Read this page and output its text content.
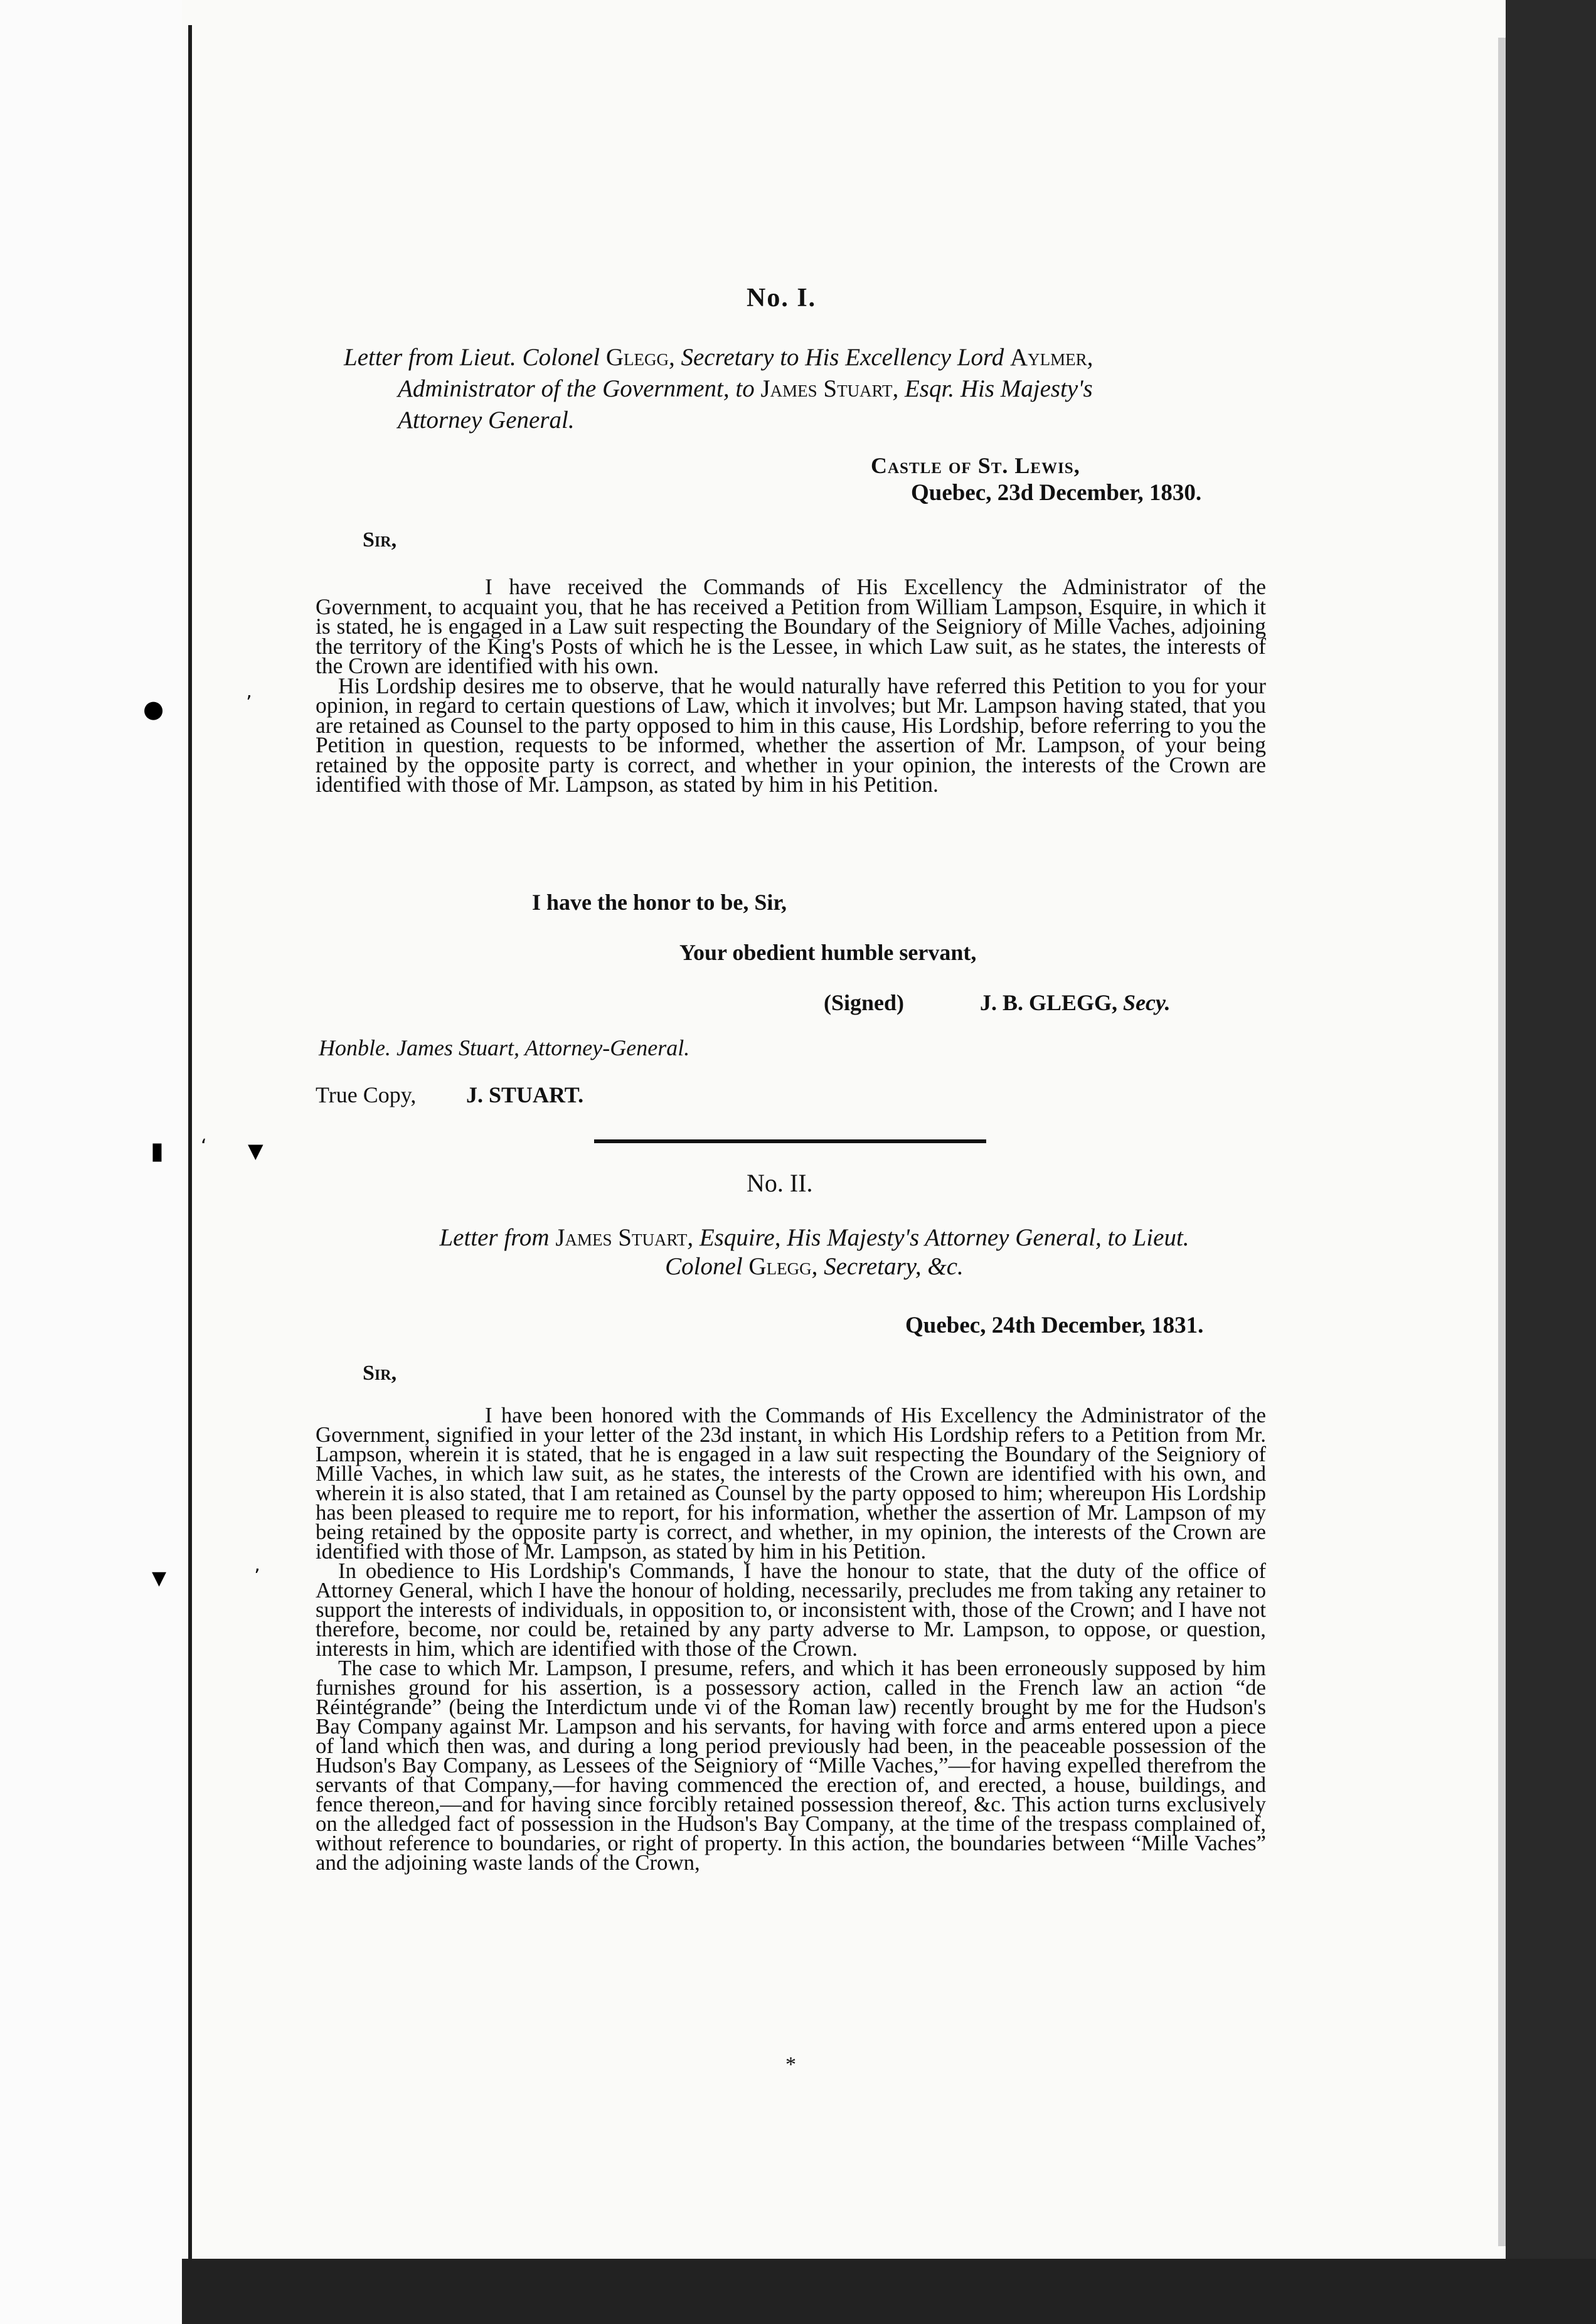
●	’
▮ ‘ ▼
▼	’
No. I.
Letter from Lieut. Colonel Glegg, Secretary to His Excellency Lord Aylmer,
Administrator of the Government, to James Stuart, Esqr. His Majesty's
Attorney General.
Castle of St. Lewis,
Quebec, 23d December, 1830.
Sir,

I have received the Commands of His Excellency the Administrator of the Government, to acquaint you, that he has received a Petition from William Lampson, Esquire, in which it is stated, he is engaged in a Law suit respecting the Boundary of the Seigniory of Mille Vaches, adjoining the territory of the King's Posts of which he is the Lessee, in which Law suit, as he states, the interests of the Crown are identified with his own.

His Lordship desires me to observe, that he would naturally have referred this Petition to you for your opinion, in regard to certain questions of Law, which it involves; but Mr. Lampson having stated, that you are retained as Counsel to the party opposed to him in this cause, His Lordship, before referring to you the Petition in question, requests to be informed, whether the assertion of Mr. Lampson, of your being retained by the opposite party is correct, and whether in your opinion, the interests of the Crown are identified with those of Mr. Lampson, as stated by him in his Petition.

I have the honor to be, Sir,
Your obedient humble servant,
(Signed)	J. B. GLEGG, Secy.
Honble. James Stuart, Attorney-General.
True Copy, J. STUART.
No. II.
Letter from James Stuart, Esquire, His Majesty's Attorney General, to Lieut.
Colonel Glegg, Secretary, &c.
Quebec, 24th December, 1831.
Sir,

I have been honored with the Commands of His Excellency the Administrator of the Government, signified in your letter of the 23d instant, in which His Lordship refers to a Petition from Mr. Lampson, wherein it is stated, that he is engaged in a law suit respecting the Boundary of the Seigniory of Mille Vaches, in which law suit, as he states, the interests of the Crown are identified with his own, and wherein it is also stated, that I am retained as Counsel by the party opposed to him; whereupon His Lordship has been pleased to require me to report, for his information, whether the assertion of Mr. Lampson of my being retained by the opposite party is correct, and whether, in my opinion, the interests of the Crown are identified with those of Mr. Lampson, as stated by him in his Petition.

In obedience to His Lordship's Commands, I have the honour to state, that the duty of the office of Attorney General, which I have the honour of holding, necessarily, precludes me from taking any retainer to support the interests of individuals, in opposition to, or inconsistent with, those of the Crown; and I have not therefore, become, nor could be, retained by any party adverse to Mr. Lampson, to oppose, or question, interests in him, which are identified with those of the Crown.

The case to which Mr. Lampson, I presume, refers, and which it has been erroneously supposed by him furnishes ground for his assertion, is a possessory action, called in the French law an action “de Réintégrande” (being the Interdictum unde vi of the Roman law) recently brought by me for the Hudson's Bay Company against Mr. Lampson and his servants, for having with force and arms entered upon a piece of land which then was, and during a long period previously had been, in the peaceable possession of the Hudson's Bay Company, as Lessees of the Seigniory of “Mille Vaches,”—for having expelled therefrom the servants of that Company,—for having commenced the erection of, and erected, a house, buildings, and fence thereon,—and for having since forcibly retained possession thereof, &c. This action turns exclusively on the alledged fact of possession in the Hudson's Bay Company, at the time of the trespass complained of, without reference to boundaries, or right of property. In this action, the boundaries between “Mille Vaches” and the adjoining waste lands of the Crown,

*
